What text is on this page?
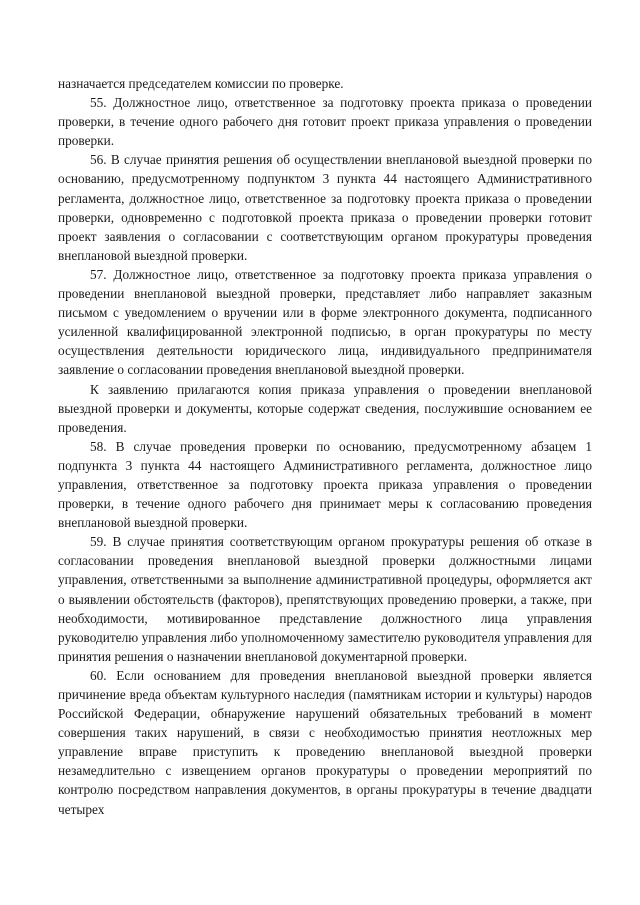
назначается председателем комиссии по проверке.

55. Должностное лицо, ответственное за подготовку проекта приказа о проведении проверки, в течение одного рабочего дня готовит проект приказа управления о проведении проверки.

56. В случае принятия решения об осуществлении внеплановой выездной проверки по основанию, предусмотренному подпунктом 3 пункта 44 настоящего Административного регламента, должностное лицо, ответственное за подготовку проекта приказа о проведении проверки, одновременно с подготовкой проекта приказа о проведении проверки готовит проект заявления о согласовании с соответствующим органом прокуратуры проведения внеплановой выездной проверки.

57. Должностное лицо, ответственное за подготовку проекта приказа управления о проведении внеплановой выездной проверки, представляет либо направляет заказным письмом с уведомлением о вручении или в форме электронного документа, подписанного усиленной квалифицированной электронной подписью, в орган прокуратуры по месту осуществления деятельности юридического лица, индивидуального предпринимателя заявление о согласовании проведения внеплановой выездной проверки.

К заявлению прилагаются копия приказа управления о проведении внеплановой выездной проверки и документы, которые содержат сведения, послужившие основанием ее проведения.

58. В случае проведения проверки по основанию, предусмотренному абзацем 1 подпункта 3 пункта 44 настоящего Административного регламента, должностное лицо управления, ответственное за подготовку проекта приказа управления о проведении проверки, в течение одного рабочего дня принимает меры к согласованию проведения внеплановой выездной проверки.

59. В случае принятия соответствующим органом прокуратуры решения об отказе в согласовании проведения внеплановой выездной проверки должностными лицами управления, ответственными за выполнение административной процедуры, оформляется акт о выявлении обстоятельств (факторов), препятствующих проведению проверки, а также, при необходимости, мотивированное представление должностного лица управления руководителю управления либо уполномоченному заместителю руководителя управления для принятия решения о назначении внеплановой документарной проверки.

60. Если основанием для проведения внеплановой выездной проверки является причинение вреда объектам культурного наследия (памятникам истории и культуры) народов Российской Федерации, обнаружение нарушений обязательных требований в момент совершения таких нарушений, в связи с необходимостью принятия неотложных мер управление вправе приступить к проведению внеплановой выездной проверки незамедлительно с извещением органов прокуратуры о проведении мероприятий по контролю посредством направления документов, в органы прокуратуры в течение двадцати четырех
